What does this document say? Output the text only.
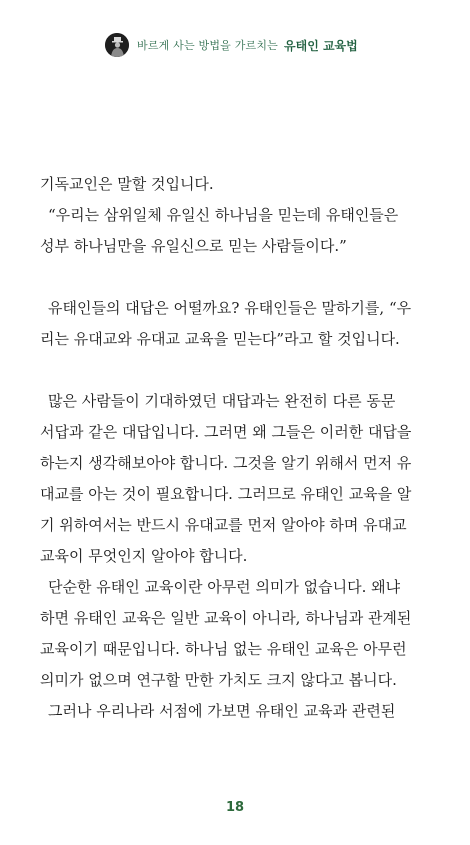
바르게 사는 방법을 가르치는 유태인 교육법
기독교인은 말할 것입니다.
“우리는 삼위일체 유일신 하나님을 믿는데 유태인들은
성부 하나님만을 유일신으로 믿는 사람들이다.”
유태인들의 대답은 어떨까요? 유태인들은 말하기를, “우
리는 유대교와 유대교 교육을 믿는다”라고 할 것입니다.
많은 사람들이 기대하였던 대답과는 완전히 다른 동문
서답과 같은 대답입니다. 그러면 왜 그들은 이러한 대답을
하는지 생각해보아야 합니다. 그것을 알기 위해서 먼저 유
대교를 아는 것이 필요합니다. 그러므로 유태인 교육을 알
기 위하여서는 반드시 유대교를 먼저 알아야 하며 유대교
교육이 무엇인지 알아야 합니다.
단순한 유태인 교육이란 아무런 의미가 없습니다. 왜냐
하면 유태인 교육은 일반 교육이 아니라, 하나님과 관계된
교육이기 때문입니다. 하나님 없는 유태인 교육은 아무런
의미가 없으며 연구할 만한 가치도 크지 않다고 봅니다.
그러나 우리나라 서점에 가보면 유태인 교육과 관련된
18
